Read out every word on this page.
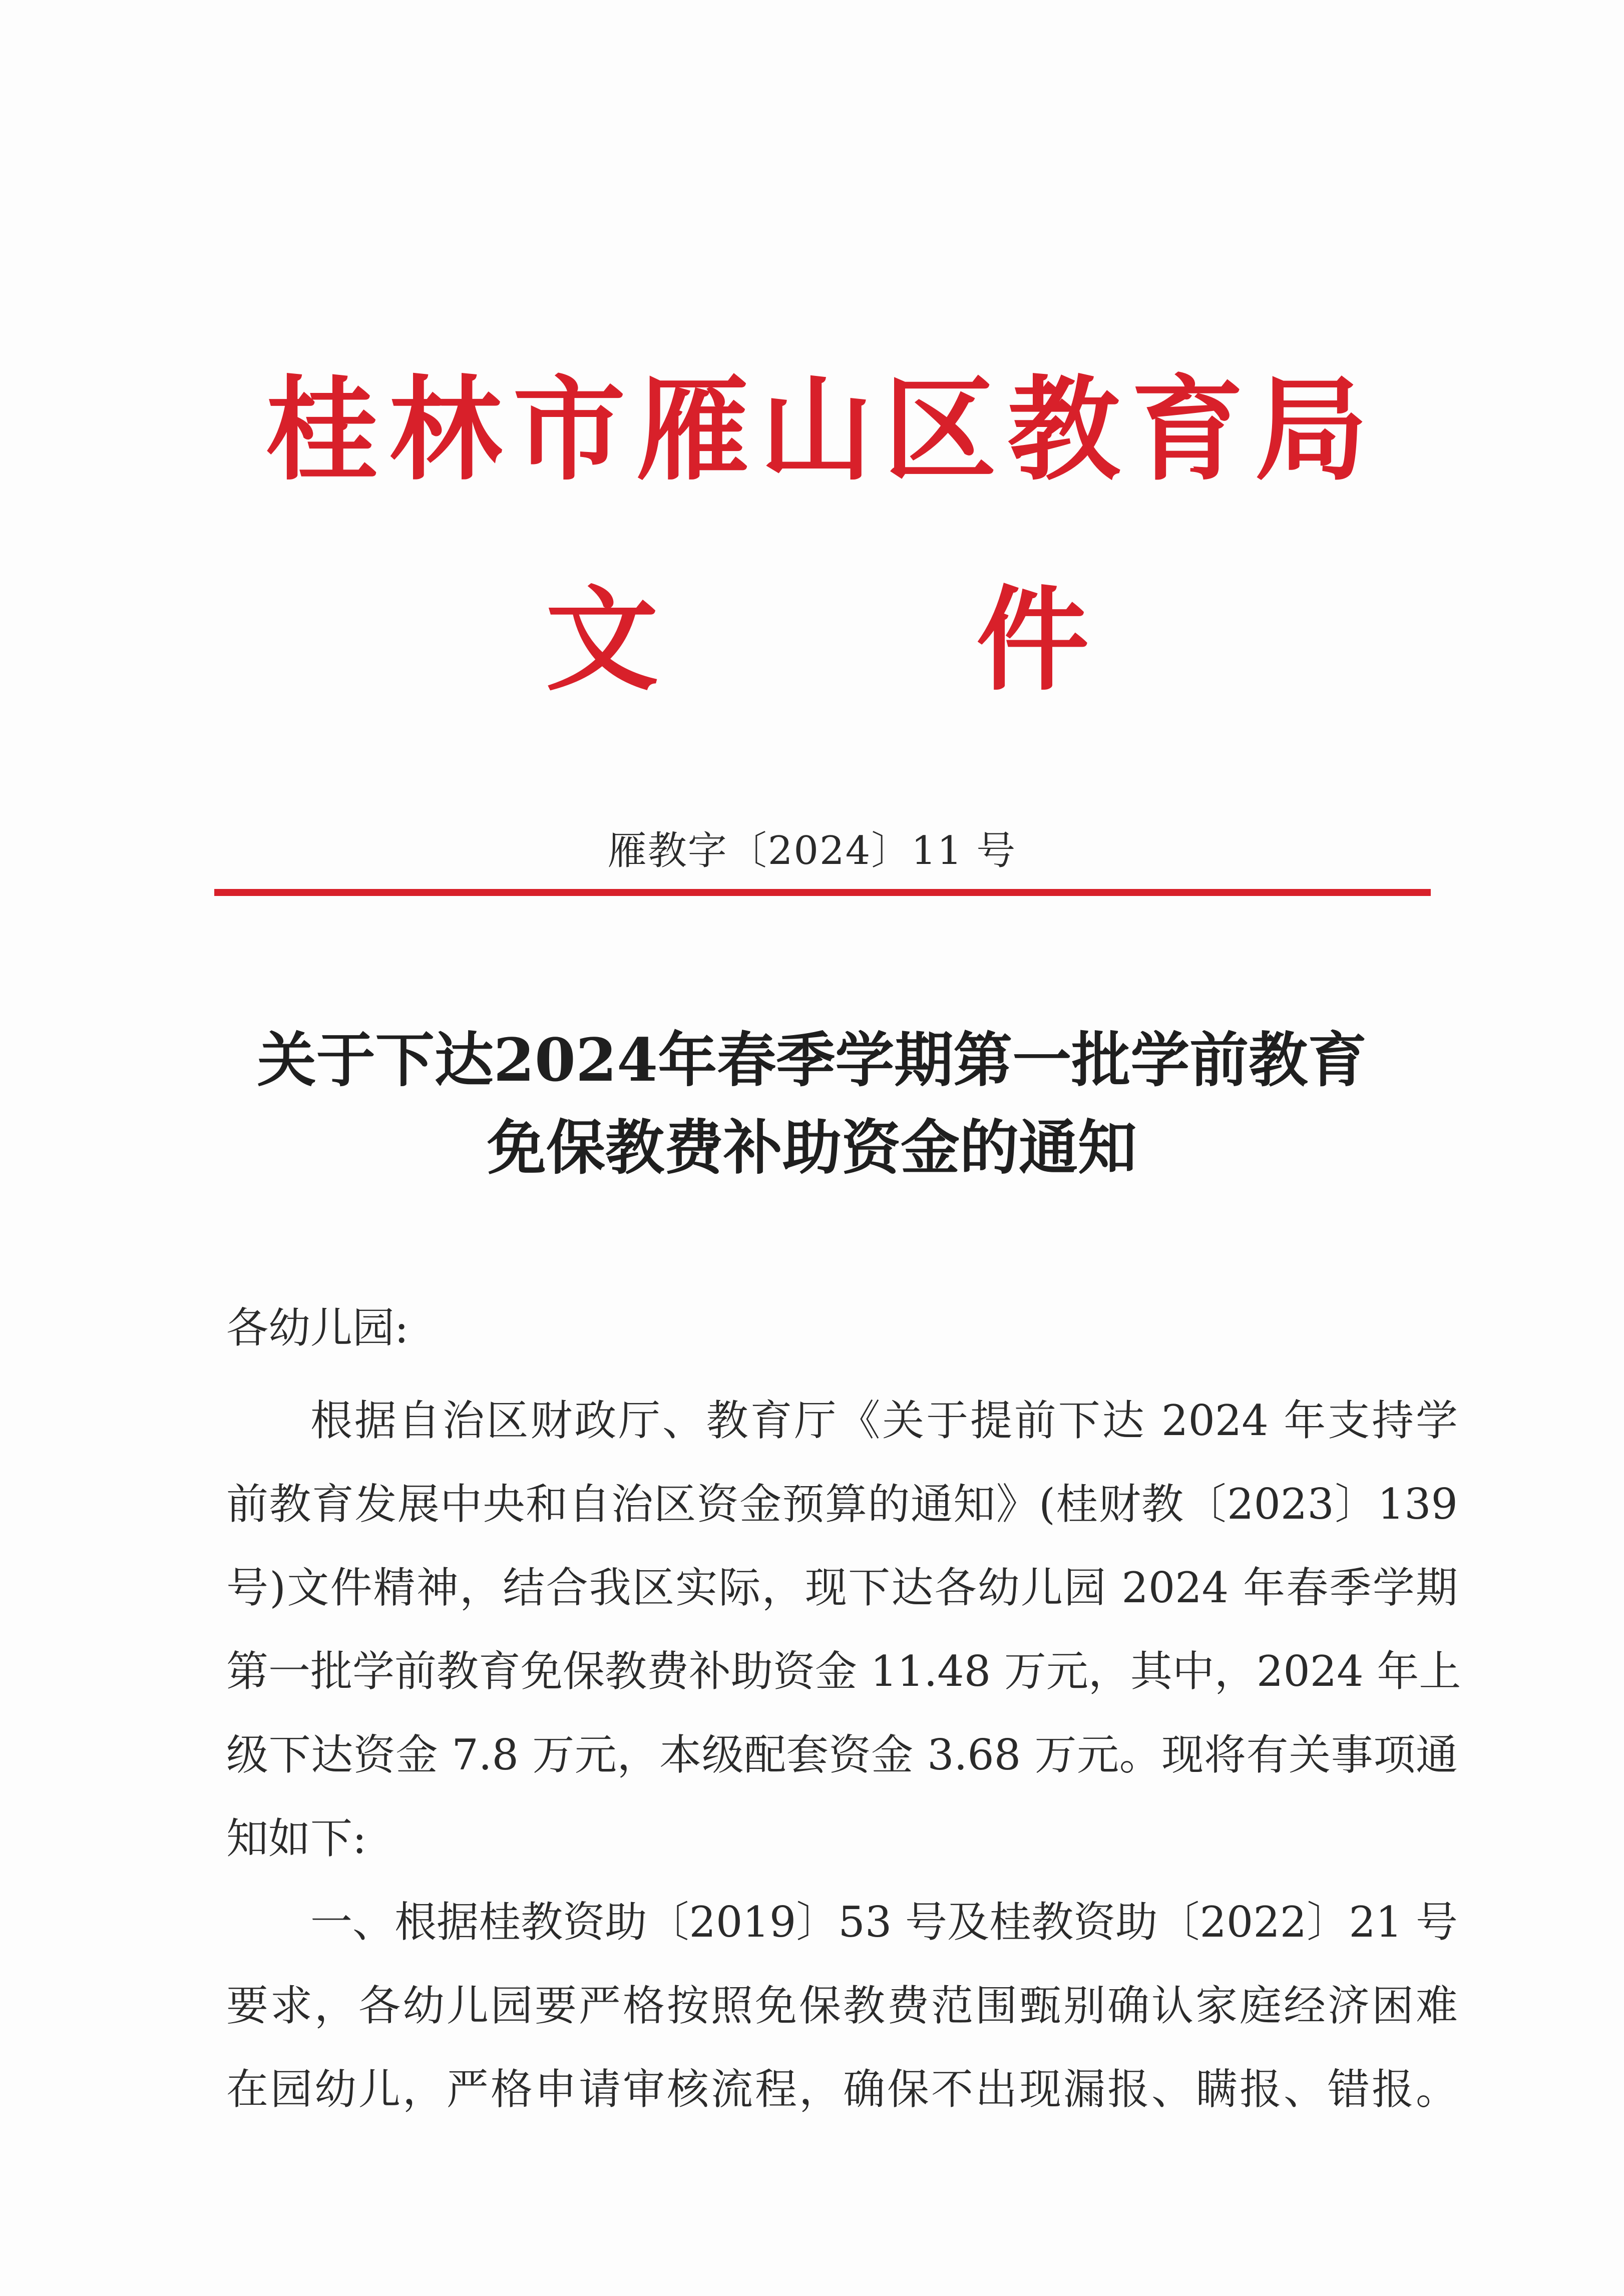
桂林市雁山区教育局
文	件
雁教字〔2024〕11 号
关于下达2024年春季学期第一批学前教育
免保教费补助资金的通知
各幼儿园:
根据自治区财政厅、教育厅《关于提前下达 2024 年支持学
前教育发展中央和自治区资金预算的通知》(桂财教〔2023〕139
号)文件精神，结合我区实际，现下达各幼儿园 2024 年春季学期
第一批学前教育免保教费补助资金 11.48 万元，其中，2024 年上
级下达资金 7.8 万元，本级配套资金 3.68 万元。现将有关事项通
知如下:
一、根据桂教资助〔2019〕53 号及桂教资助〔2022〕21 号
要求，各幼儿园要严格按照免保教费范围甄别确认家庭经济困难
在园幼儿，严格申请审核流程，确保不出现漏报、瞒报、错报。
